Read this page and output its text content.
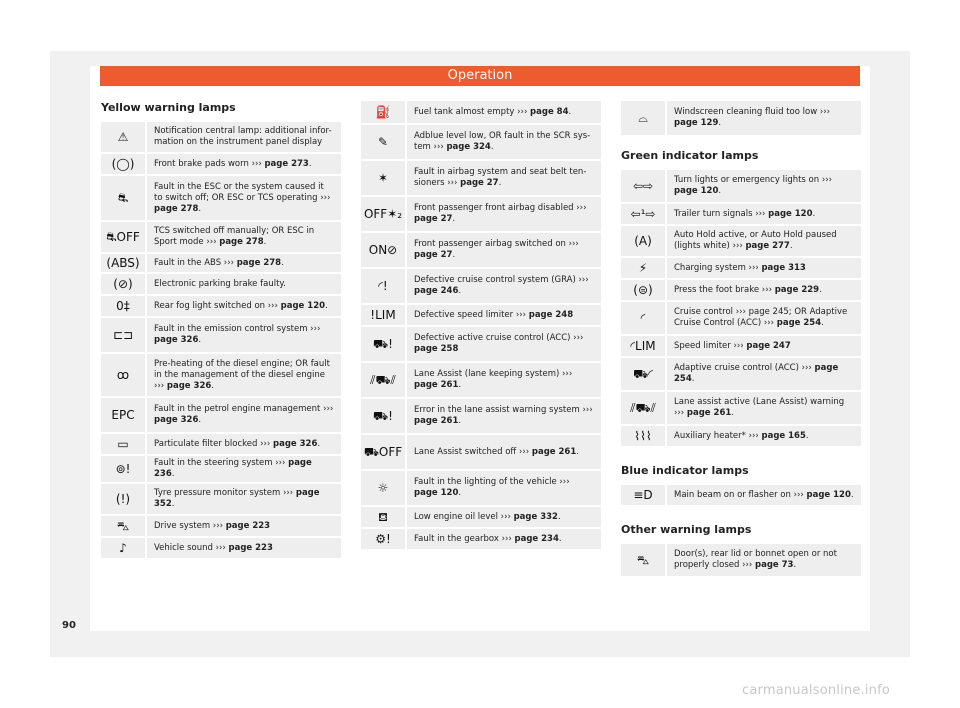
Operation

Yellow warning lamps

⚠	Notification central lamp: additional infor-mation on the instrument panel display
(◯)	Front brake pads worn ››› page 273.
⛐	Fault in the ESC or the system caused it to switch off; OR ESC or TCS operating ››› page 278.
⛐OFF	TCS switched off manually; OR ESC in Sport mode ››› page 278.
(ABS)	Fault in the ABS ››› page 278.
(⊘)	Electronic parking brake faulty.
0‡	Rear fog light switched on ››› page 120.
⊏⊐	Fault in the emission control system ››› page 326.
ꝏ	Pre-heating of the diesel engine; OR fault in the management of the diesel engine ››› page 326.
EPC	Fault in the petrol engine management ››› page 326.
▭	Particulate filter blocked ››› page 326.
⊚!	Fault in the steering system ››› page 236.
(!)	Tyre pressure monitor system ››› page 352.
⛍	Drive system ››› page 223
♪	Vehicle sound ››› page 223
⛽	Fuel tank almost empty ››› page 84.
✎	Adblue level low, OR fault in the SCR sys-tem ››› page 324.
✶	Fault in airbag system and seat belt ten-sioners ››› page 27.
OFF✶₂	Front passenger front airbag disabled ››› page 27.
ON⊘	Front passenger airbag switched on ››› page 27.
◜!	Defective cruise control system (GRA) ››› page 246.
!LIM	Defective speed limiter ››› page 248
⛟!	Defective active cruise control (ACC) ››› page 258
⫽⛟⫽	Lane Assist (lane keeping system) ››› page 261.
⛟!	Error in the lane assist warning system ››› page 261.
⛟OFF	Lane Assist switched off ››› page 261.
☼	Fault in the lighting of the vehicle ››› page 120.
⛾	Low engine oil level ››› page 332.
⚙!	Fault in the gearbox ››› page 234.
⌓	Windscreen cleaning fluid too low ››› page 129.

Green indicator lamps

⇦⇨	Turn lights or emergency lights on ››› page 120.
⇦¹⇨	Trailer turn signals ››› page 120.
(A)	Auto Hold active, or Auto Hold paused (lights white) ››› page 277.
⚡	Charging system ››› page 313
(⊜)	Press the foot brake ››› page 229.
◜	Cruise control ››› page 245; OR Adaptive Cruise Control (ACC) ››› page 254.
◜LIM	Speed limiter ››› page 247
⛟◜	Adaptive cruise control (ACC) ››› page 254.
⫽⛟⫽	Lane assist active (Lane Assist) warning ››› page 261.
⌇⌇⌇	Auxiliary heater* ››› page 165.

Blue indicator lamps

≡D	Main beam on or flasher on ››› page 120.

Other warning lamps

⛍	Door(s), rear lid or bonnet open or not properly closed ››› page 73.
90
carmanualsonline.info
